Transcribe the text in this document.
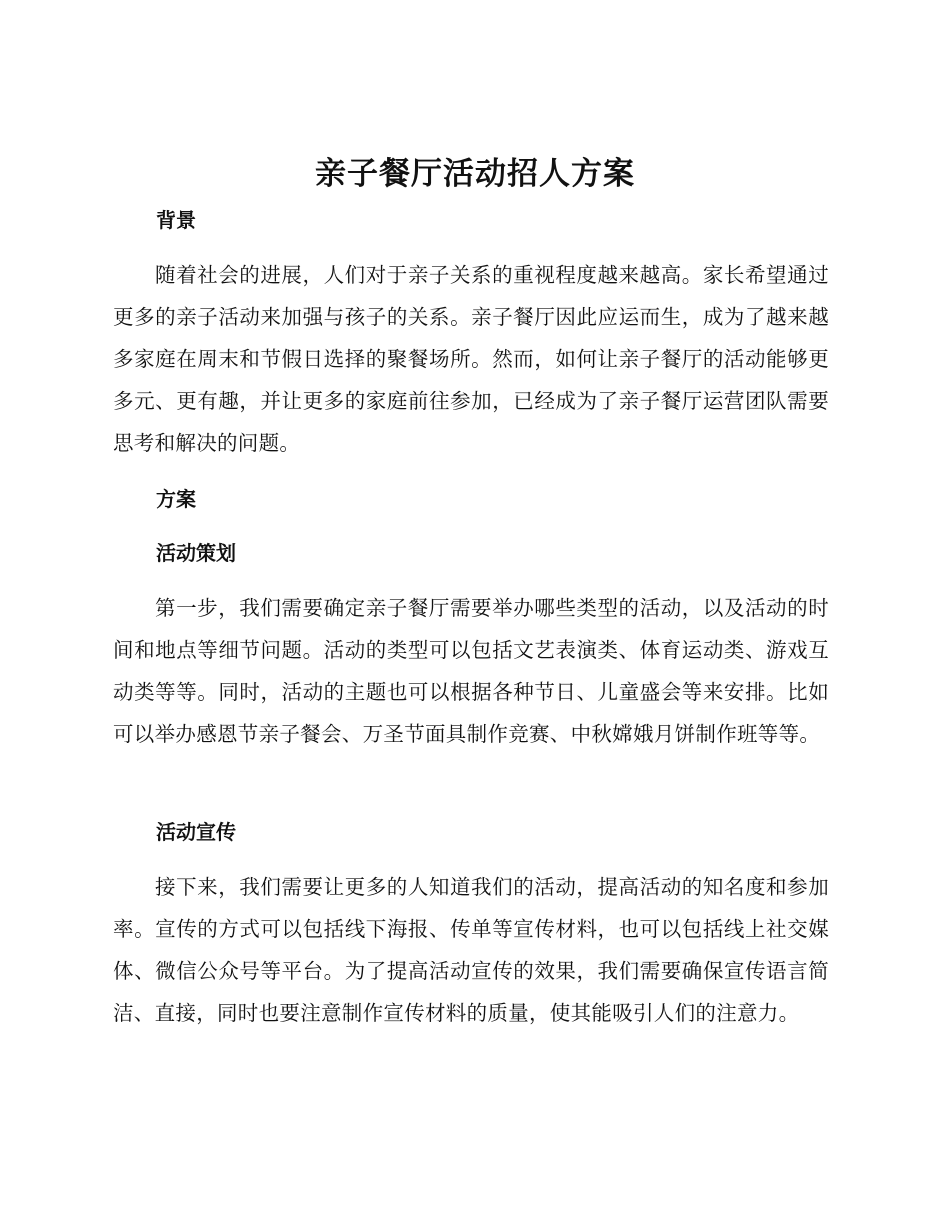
亲子餐厅活动招人方案
背景

随着社会的进展，人们对于亲子关系的重视程度越来越高。家长希望通过更多的亲子活动来加强与孩子的关系。亲子餐厅因此应运而生，成为了越来越多家庭在周末和节假日选择的聚餐场所。然而，如何让亲子餐厅的活动能够更多元、更有趣，并让更多的家庭前往参加，已经成为了亲子餐厅运营团队需要思考和解决的问题。

方案
活动策划

第一步，我们需要确定亲子餐厅需要举办哪些类型的活动，以及活动的时间和地点等细节问题。活动的类型可以包括文艺表演类、体育运动类、游戏互动类等等。同时，活动的主题也可以根据各种节日、儿童盛会等来安排。比如可以举办感恩节亲子餐会、万圣节面具制作竞赛、中秋嫦娥月饼制作班等等。

活动宣传

接下来，我们需要让更多的人知道我们的活动，提高活动的知名度和参加率。宣传的方式可以包括线下海报、传单等宣传材料，也可以包括线上社交媒体、微信公众号等平台。为了提高活动宣传的效果，我们需要确保宣传语言简洁、直接，同时也要注意制作宣传材料的质量，使其能吸引人们的注意力。
